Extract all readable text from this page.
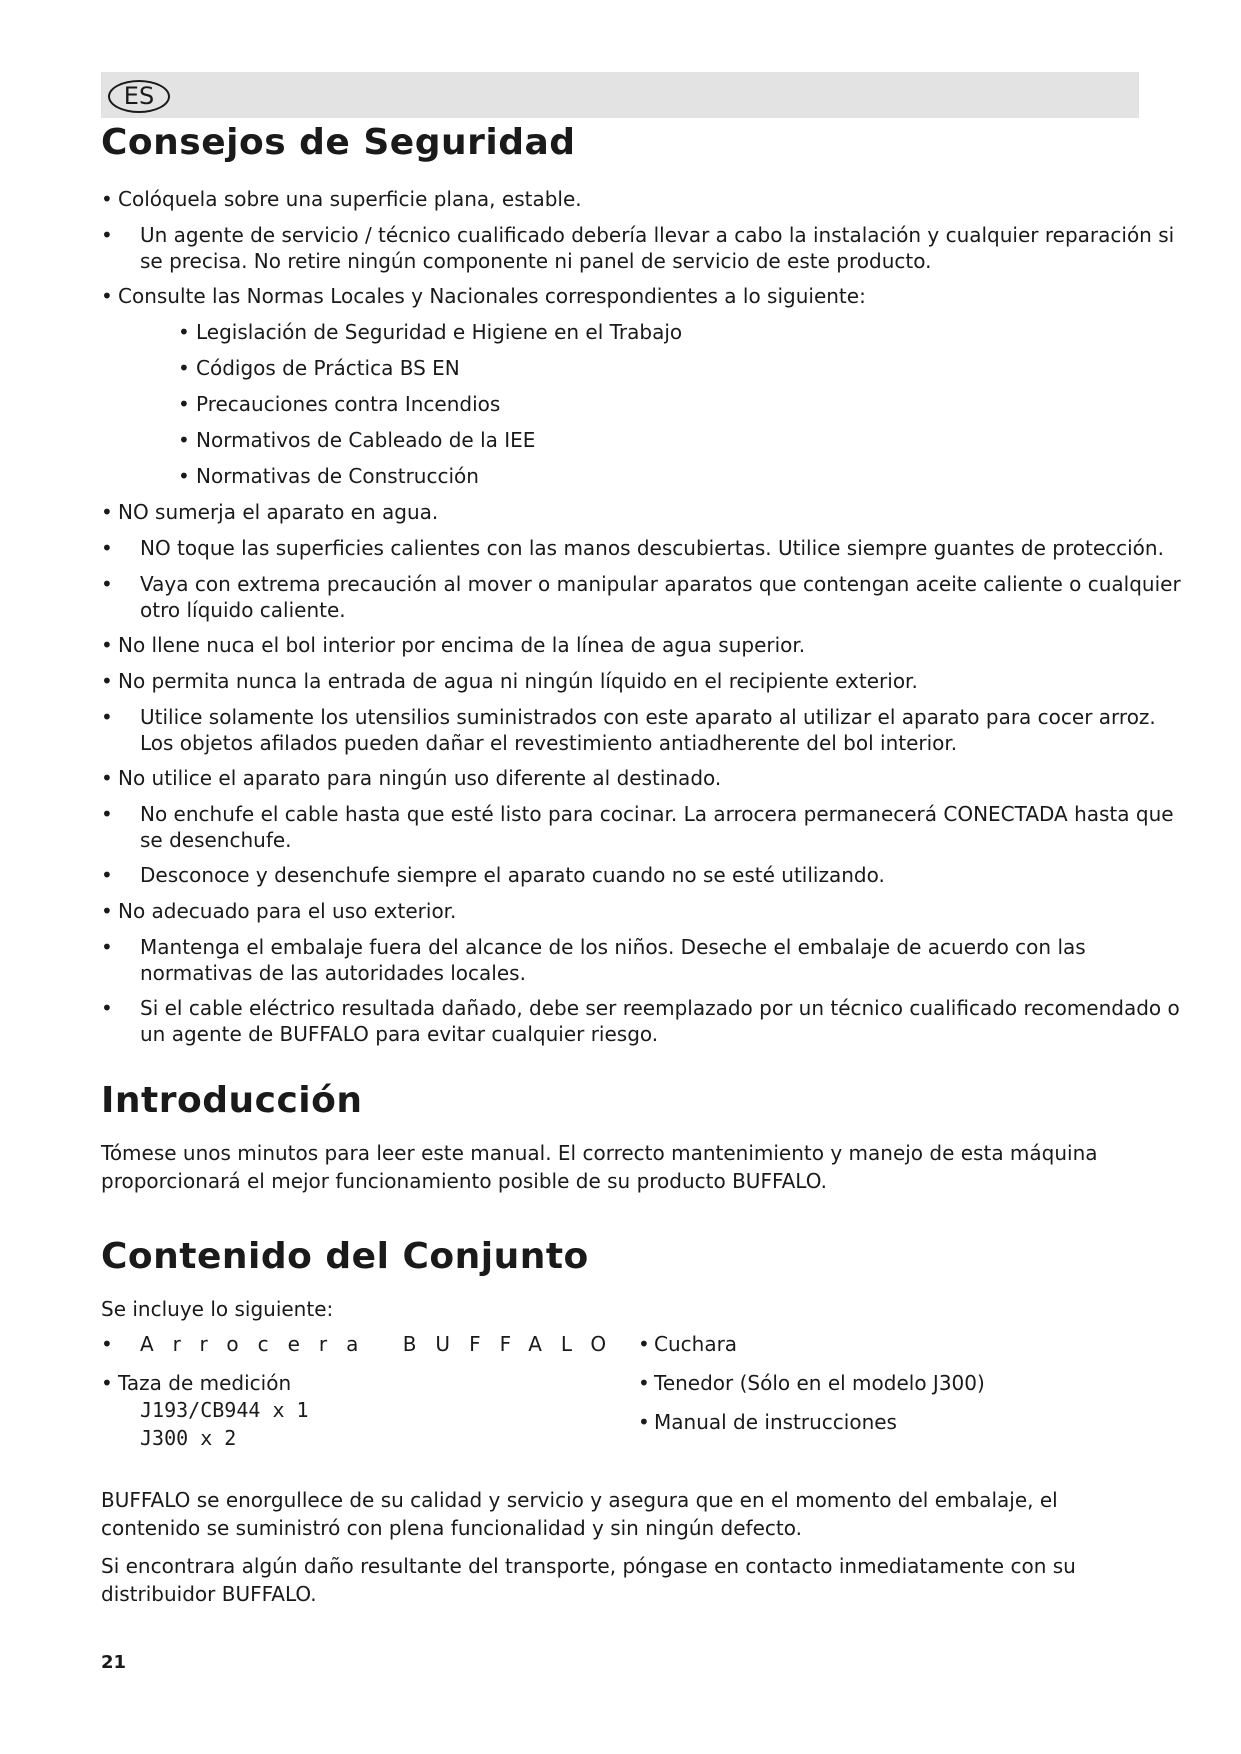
ES
Consejos de Seguridad
• Colóquela sobre una superficie plana, estable.
• Un agente de servicio / técnico cualificado debería llevar a cabo la instalación y cualquier reparación si
se precisa. No retire ningún componente ni panel de servicio de este producto.
• Consulte las Normas Locales y Nacionales correspondientes a lo siguiente:
• Legislación de Seguridad e Higiene en el Trabajo
• Códigos de Práctica BS EN
• Precauciones contra Incendios
• Normativos de Cableado de la IEE
• Normativas de Construcción
• NO sumerja el aparato en agua.
• NO toque las superficies calientes con las manos descubiertas. Utilice siempre guantes de protección.
• Vaya con extrema precaución al mover o manipular aparatos que contengan aceite caliente o cualquier
otro líquido caliente.
• No llene nuca el bol interior por encima de la línea de agua superior.
• No permita nunca la entrada de agua ni ningún líquido en el recipiente exterior.
• Utilice solamente los utensilios suministrados con este aparato al utilizar el aparato para cocer arroz.
Los objetos afilados pueden dañar el revestimiento antiadherente del bol interior.
• No utilice el aparato para ningún uso diferente al destinado.
• No enchufe el cable hasta que esté listo para cocinar. La arrocera permanecerá CONECTADA hasta que
se desenchufe.
• Desconoce y desenchufe siempre el aparato cuando no se esté utilizando.
• No adecuado para el uso exterior.
• Mantenga el embalaje fuera del alcance de los niños. Deseche el embalaje de acuerdo con las
normativas de las autoridades locales.
• Si el cable eléctrico resultada dañado, debe ser reemplazado por un técnico cualificado recomendado o
un agente de BUFFALO para evitar cualquier riesgo.
Introducción
Tómese unos minutos para leer este manual. El correcto mantenimiento y manejo de esta máquina proporcionará el mejor funcionamiento posible de su producto BUFFALO.
Contenido del Conjunto
Se incluye lo siguiente:
• Arrocera BUFFALO • Cuchara
• Taza de medición
J193/CB944 x 1
J300 x 2
• Tenedor (Sólo en el modelo J300)
• Manual de instrucciones
BUFFALO se enorgullece de su calidad y servicio y asegura que en el momento del embalaje, el contenido se suministró con plena funcionalidad y sin ningún defecto.
Si encontrara algún daño resultante del transporte, póngase en contacto inmediatamente con su distribuidor BUFFALO.
21
